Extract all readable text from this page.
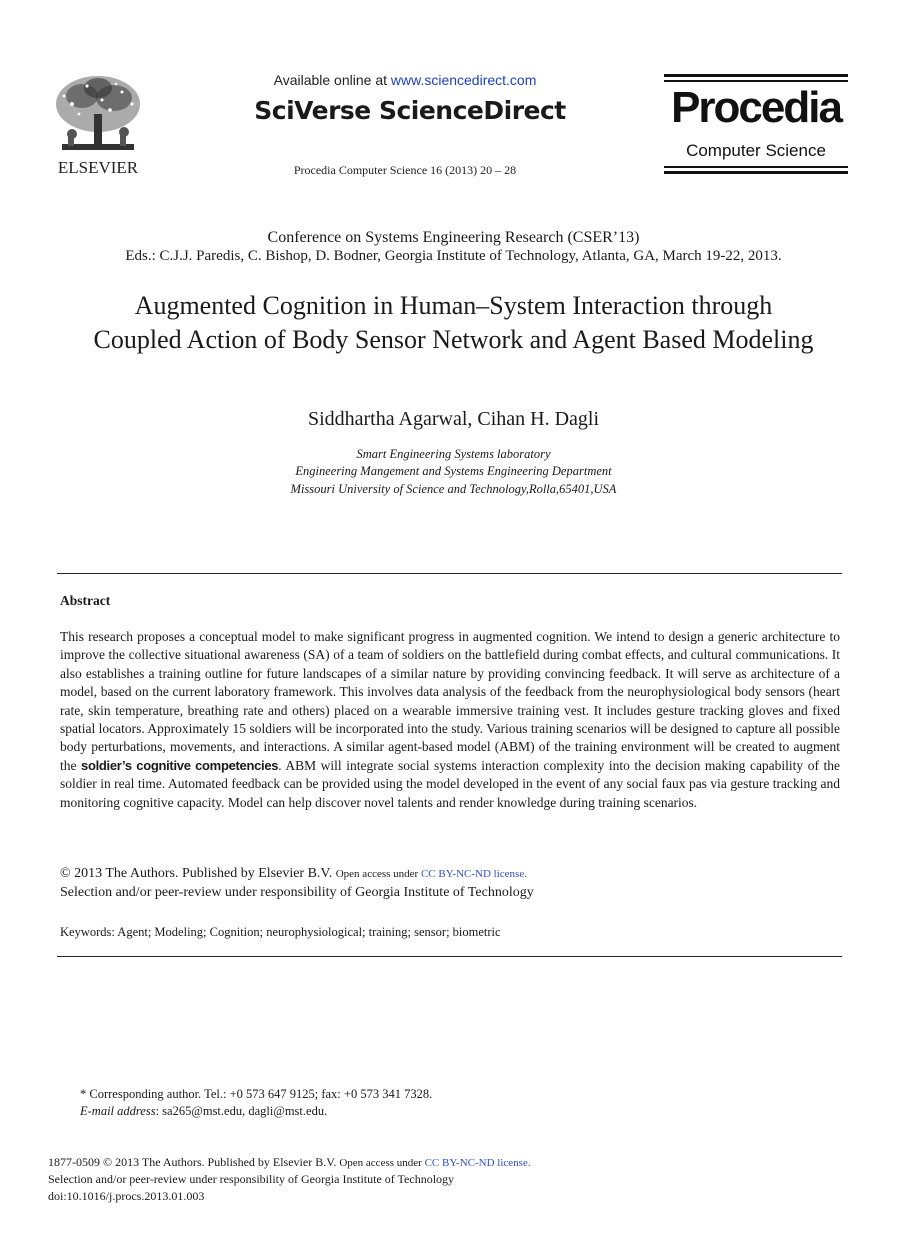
ELSEVIER
Available online at www.sciencedirect.com
SciVerse ScienceDirect
Procedia Computer Science 16 (2013) 20 – 28
Procedia
Computer Science
Conference on Systems Engineering Research (CSER’13)
Eds.: C.J.J. Paredis, C. Bishop, D. Bodner, Georgia Institute of Technology, Atlanta, GA, March 19-22, 2013.
Augmented Cognition in Human–System Interaction through Coupled Action of Body Sensor Network and Agent Based Modeling
Siddhartha Agarwal, Cihan H. Dagli
Smart Engineering Systems laboratory
Engineering Mangement and Systems Engineering Department
Missouri University of Science and Technology,Rolla,65401,USA
Abstract
This research proposes a conceptual model to make significant progress in augmented cognition. We intend to design a generic architecture to improve the collective situational awareness (SA) of a team of soldiers on the battlefield during combat effects, and cultural communications. It also establishes a training outline for future landscapes of a similar nature by providing convincing feedback. It will serve as architecture of a model, based on the current laboratory framework. This involves data analysis of the feedback from the neurophysiological body sensors (heart rate, skin temperature, breathing rate and others) placed on a wearable immersive training vest. It includes gesture tracking gloves and fixed spatial locators. Approximately 15 soldiers will be incorporated into the study. Various training scenarios will be designed to capture all possible body perturbations, movements, and interactions. A similar agent-based model (ABM) of the training environment will be created to augment the soldier’s cognitive competencies. ABM will integrate social systems interaction complexity into the decision making capability of the soldier in real time. Automated feedback can be provided using the model developed in the event of any social faux pas via gesture tracking and monitoring cognitive capacity. Model can help discover novel talents and render knowledge during training scenarios.
© 2013 The Authors. Published by Elsevier B.V. Open access under CC BY-NC-ND license.
Selection and/or peer-review under responsibility of Georgia Institute of Technology
Keywords: Agent; Modeling; Cognition; neurophysiological; training; sensor; biometric
* Corresponding author. Tel.: +0 573 647 9125; fax: +0 573 341 7328.
E-mail address: sa265@mst.edu, dagli@mst.edu.
1877-0509 © 2013 The Authors. Published by Elsevier B.V. Open access under CC BY-NC-ND license.
Selection and/or peer-review under responsibility of Georgia Institute of Technology
doi:10.1016/j.procs.2013.01.003
